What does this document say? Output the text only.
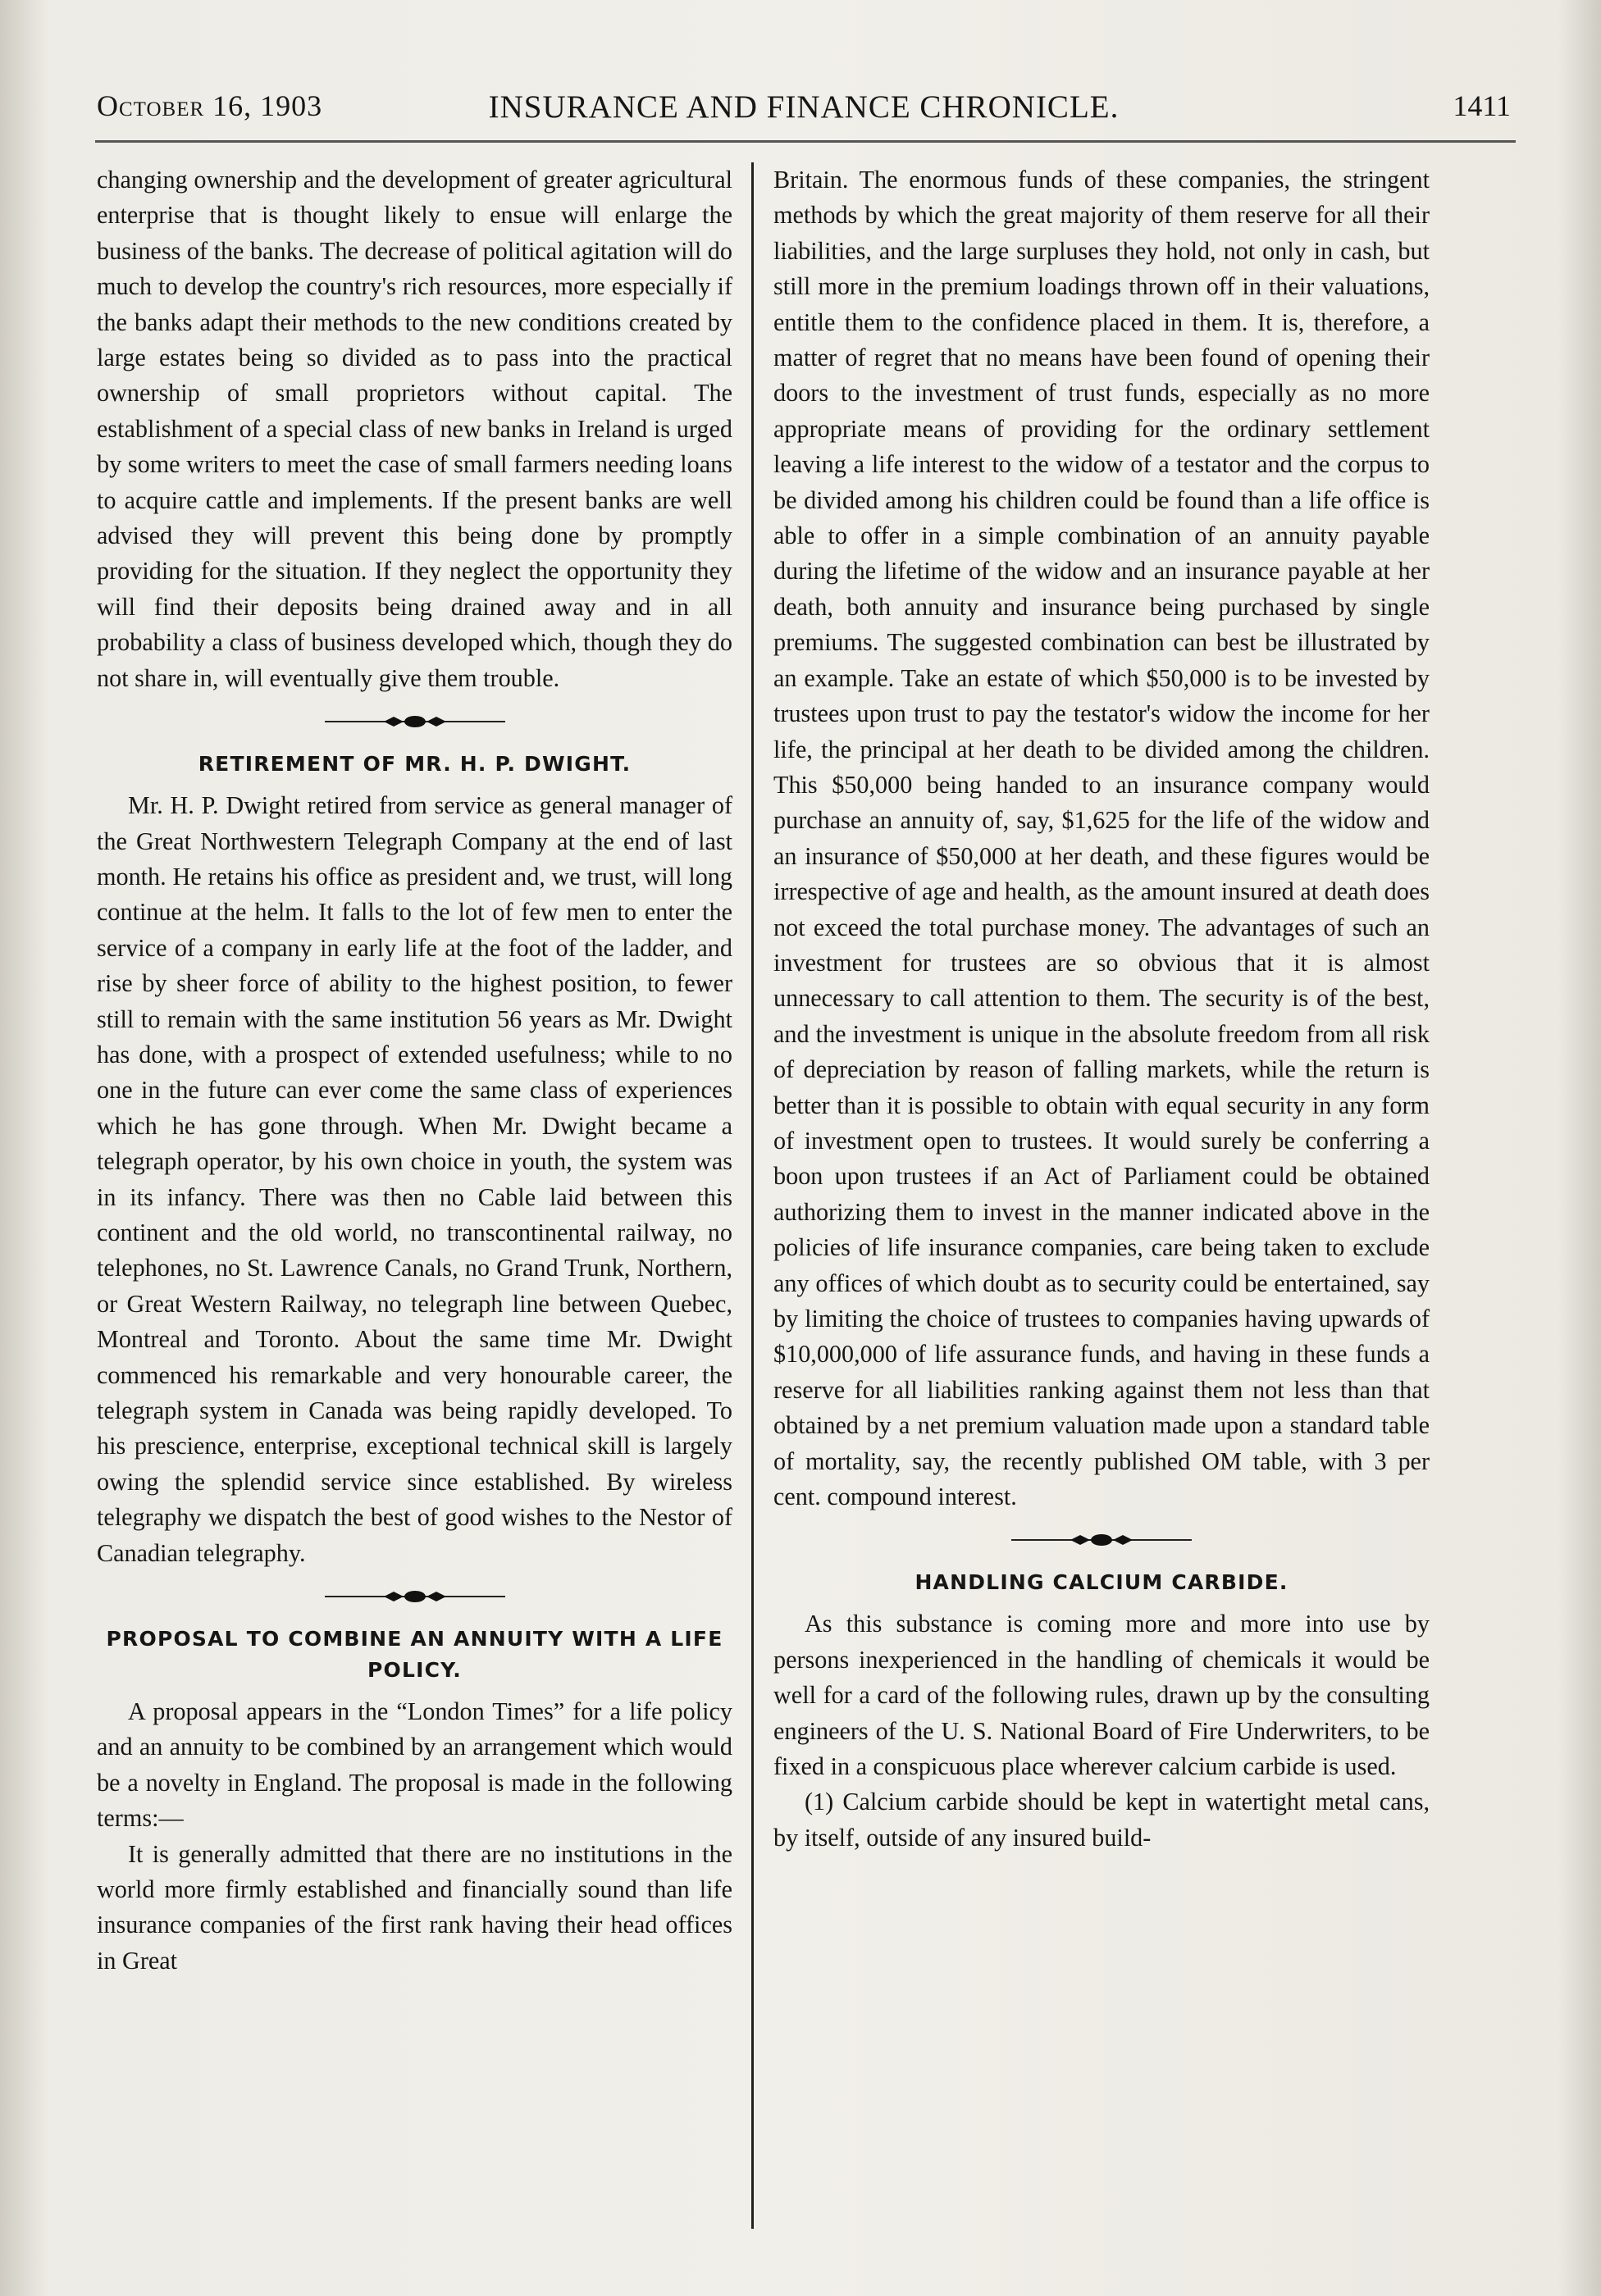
October 16, 1903	INSURANCE AND FINANCE CHRONICLE.	1411

changing ownership and the development of greater agricultural enterprise that is thought likely to ensue will enlarge the business of the banks. The decrease of political agitation will do much to develop the country's rich resources, more especially if the banks adapt their methods to the new conditions created by large estates being so divided as to pass into the practical ownership of small proprietors without capital. The establishment of a special class of new banks in Ireland is urged by some writers to meet the case of small farmers needing loans to acquire cattle and implements. If the present banks are well advised they will prevent this being done by promptly providing for the situation. If they neglect the opportunity they will find their deposits being drained away and in all probability a class of business developed which, though they do not share in, will eventually give them trouble.

RETIREMENT OF MR. H. P. DWIGHT.

Mr. H. P. Dwight retired from service as general manager of the Great Northwestern Telegraph Company at the end of last month. He retains his office as president and, we trust, will long continue at the helm. It falls to the lot of few men to enter the service of a company in early life at the foot of the ladder, and rise by sheer force of ability to the highest position, to fewer still to remain with the same institution 56 years as Mr. Dwight has done, with a prospect of extended usefulness; while to no one in the future can ever come the same class of experiences which he has gone through. When Mr. Dwight became a telegraph operator, by his own choice in youth, the system was in its infancy. There was then no Cable laid between this continent and the old world, no transcontinental railway, no telephones, no St. Lawrence Canals, no Grand Trunk, Northern, or Great Western Railway, no telegraph line between Quebec, Montreal and Toronto. About the same time Mr. Dwight commenced his remarkable and very honourable career, the telegraph system in Canada was being rapidly developed. To his prescience, enterprise, exceptional technical skill is largely owing the splendid service since established. By wireless telegraphy we dispatch the best of good wishes to the Nestor of Canadian telegraphy.

PROPOSAL TO COMBINE AN ANNUITY WITH A LIFE POLICY.

A proposal appears in the “London Times” for a life policy and an annuity to be combined by an arrangement which would be a novelty in England. The proposal is made in the following terms:—

It is generally admitted that there are no institutions in the world more firmly established and financially sound than life insurance companies of the first rank having their head offices in Great

Britain. The enormous funds of these companies, the stringent methods by which the great majority of them reserve for all their liabilities, and the large surpluses they hold, not only in cash, but still more in the premium loadings thrown off in their valuations, entitle them to the confidence placed in them. It is, therefore, a matter of regret that no means have been found of opening their doors to the investment of trust funds, especially as no more appropriate means of providing for the ordinary settlement leaving a life interest to the widow of a testator and the corpus to be divided among his children could be found than a life office is able to offer in a simple combination of an annuity payable during the lifetime of the widow and an insurance payable at her death, both annuity and insurance being purchased by single premiums. The suggested combination can best be illustrated by an example. Take an estate of which $50,000 is to be invested by trustees upon trust to pay the testator's widow the income for her life, the principal at her death to be divided among the children. This $50,000 being handed to an insurance company would purchase an annuity of, say, $1,625 for the life of the widow and an insurance of $50,000 at her death, and these figures would be irrespective of age and health, as the amount insured at death does not exceed the total purchase money. The advantages of such an investment for trustees are so obvious that it is almost unnecessary to call attention to them. The security is of the best, and the investment is unique in the absolute freedom from all risk of depreciation by reason of falling markets, while the return is better than it is possible to obtain with equal security in any form of investment open to trustees. It would surely be conferring a boon upon trustees if an Act of Parliament could be obtained authorizing them to invest in the manner indicated above in the policies of life insurance companies, care being taken to exclude any offices of which doubt as to security could be entertained, say by limiting the choice of trustees to companies having upwards of $10,000,000 of life assurance funds, and having in these funds a reserve for all liabilities ranking against them not less than that obtained by a net premium valuation made upon a standard table of mortality, say, the recently published OM table, with 3 per cent. compound interest.

HANDLING CALCIUM CARBIDE.

As this substance is coming more and more into use by persons inexperienced in the handling of chemicals it would be well for a card of the following rules, drawn up by the consulting engineers of the U. S. National Board of Fire Underwriters, to be fixed in a conspicuous place wherever calcium carbide is used.

(1) Calcium carbide should be kept in watertight metal cans, by itself, outside of any insured build-
